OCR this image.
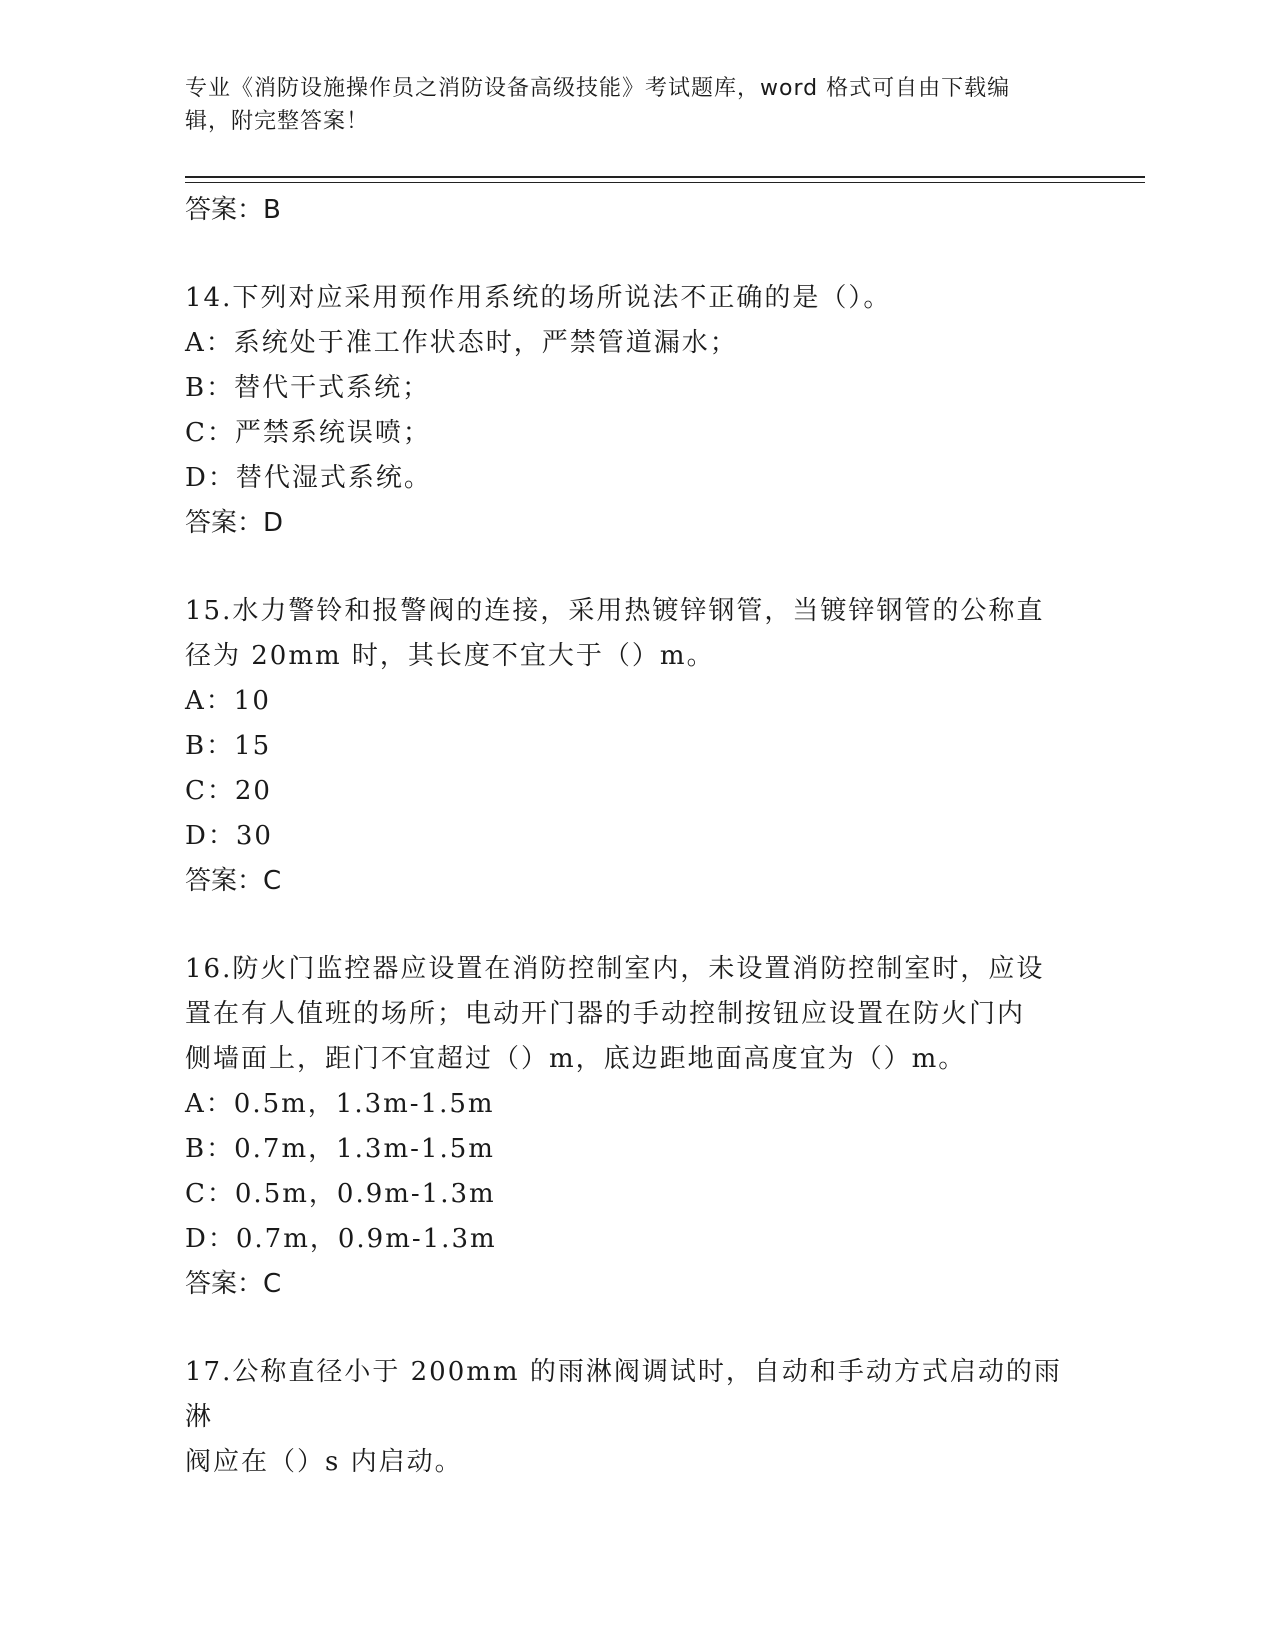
专业《消防设施操作员之消防设备高级技能》考试题库，word 格式可自由下载编
辑，附完整答案！
答案：B
14.下列对应采用预作用系统的场所说法不正确的是（）。
A：系统处于准工作状态时，严禁管道漏水；
B：替代干式系统；
C：严禁系统误喷；
D：替代湿式系统。
答案：D
15.水力警铃和报警阀的连接，采用热镀锌钢管，当镀锌钢管的公称直
径为 20mm 时，其长度不宜大于（）m。
A：10
B：15
C：20
D：30
答案：C
16.防火门监控器应设置在消防控制室内，未设置消防控制室时，应设
置在有人值班的场所；电动开门器的手动控制按钮应设置在防火门内
侧墙面上，距门不宜超过（）m，底边距地面高度宜为（）m。
A：0.5m，1.3m-1.5m
B：0.7m，1.3m-1.5m
C：0.5m，0.9m-1.3m
D：0.7m，0.9m-1.3m
答案：C
17.公称直径小于 200mm 的雨淋阀调试时，自动和手动方式启动的雨淋
阀应在（）s 内启动。
